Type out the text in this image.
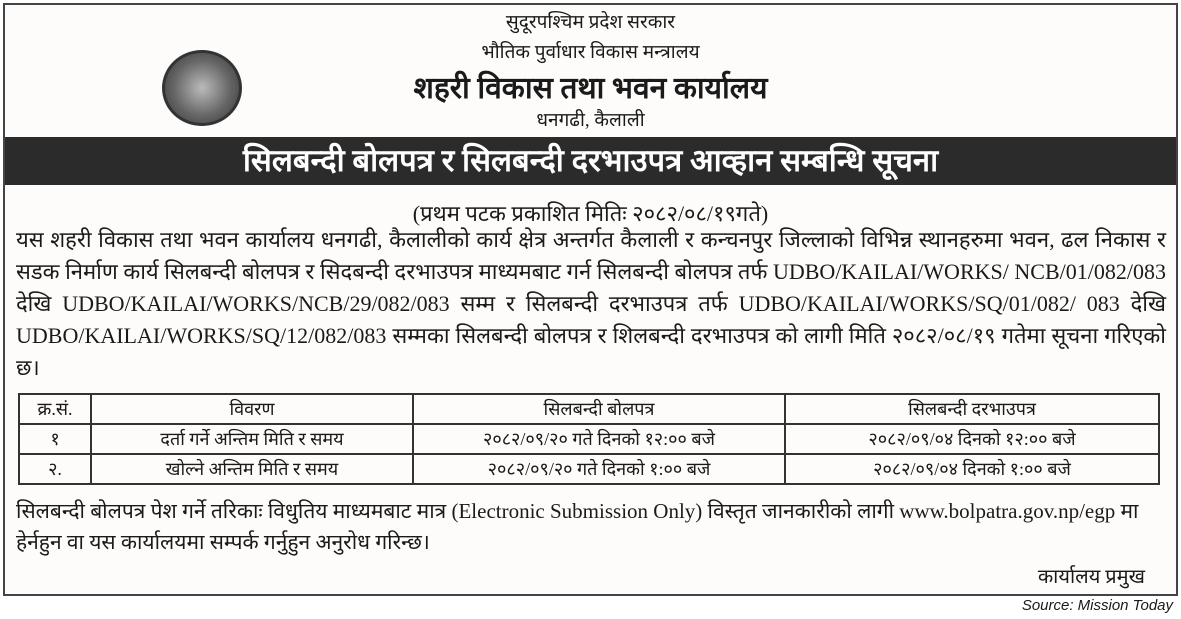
सुदूरपश्चिम प्रदेश सरकार
भौतिक पुर्वाधार विकास मन्त्रालय
शहरी विकास तथा भवन कार्यालय
धनगढी, कैलाली
सिलबन्दी बोलपत्र र सिलबन्दी दरभाउपत्र आव्हान सम्बन्धि सूचना
(प्रथम पटक प्रकाशित मितिः २०८२/०८/१९गते)
यस शहरी विकास तथा भवन कार्यालय धनगढी, कैलालीको कार्य क्षेत्र अन्तर्गत कैलाली र कन्चनपुर जिल्लाको विभिन्न स्थानहरुमा भवन, ढल निकास र सडक निर्माण कार्य सिलबन्दी बोलपत्र र सिदबन्दी दरभाउपत्र माध्यमबाट गर्न सिलबन्दी बोलपत्र तर्फ UDBO/KAILAI/WORKS/ NCB/01/082/083 देखि UDBO/KAILAI/WORKS/NCB/29/082/083 सम्म र सिलबन्दी दरभाउपत्र तर्फ UDBO/KAILAI/WORKS/SQ/01/082/ 083 देखि UDBO/KAILAI/WORKS/SQ/12/082/083 सम्मका सिलबन्दी बोलपत्र र शिलबन्दी दरभाउपत्र को लागी मिति २०८२/०८/१९ गतेमा सूचना गरिएको छ।
क्र.सं.	विवरण	सिलबन्दी बोलपत्र	सिलबन्दी दरभाउपत्र
१	दर्ता गर्ने अन्तिम मिति र समय	२०८२/०९/२० गते दिनको १२:०० बजे	२०८२/०९/०४ दिनको १२:०० बजे
२.	खोल्ने अन्तिम मिति र समय	२०८२/०९/२० गते दिनको १:०० बजे	२०८२/०९/०४ दिनको १:०० बजे
सिलबन्दी बोलपत्र पेश गर्ने तरिकाः विधुतिय माध्यमबाट मात्र (Electronic Submission Only) विस्तृत जानकारीको लागी www.bolpatra.gov.np/egp मा हेर्नहुन वा यस कार्यालयमा सम्पर्क गर्नुहुन अनुरोध गरिन्छ।
कार्यालय प्रमुख
Source: Mission Today
